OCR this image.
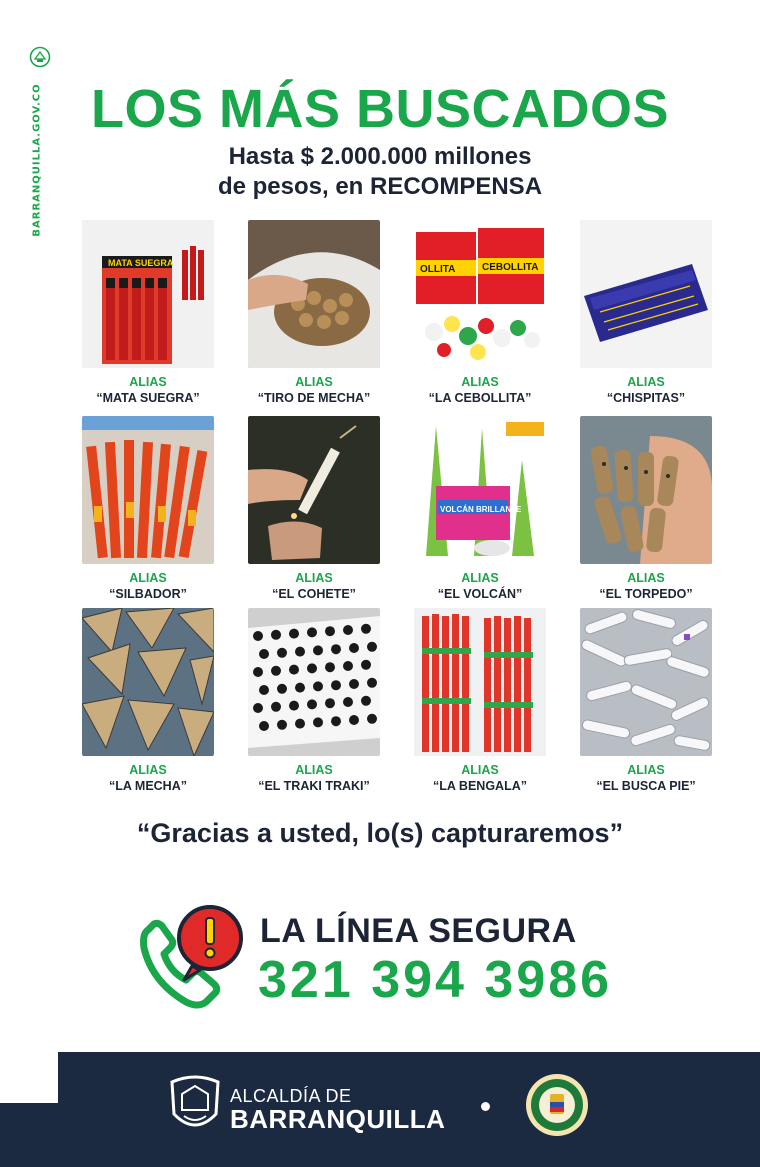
BARRANQUILLA.GOV.CO LOS MÁS BUSCADOS
Hasta $ 2.000.000 millones
de pesos, en RECOMPENSA
MATA SUEGRA
ALIAS
“MATA SUEGRA”
ALIAS
“TIRO DE MECHA”
OLLITA	CEBOLLITA
ALIAS
“LA CEBOLLITA”
ALIAS
“CHISPITAS”
ALIAS
“SILBADOR”
ALIAS
“EL COHETE”
VOLCÁN BRILLANTE
ALIAS
“EL VOLCÁN”
ALIAS
“EL TORPEDO”
ALIAS
“LA MECHA”
ALIAS
“EL TRAKI TRAKI”
ALIAS
“LA BENGALA”
ALIAS
“EL BUSCA PIE”
“Gracias a usted, lo(s) capturaremos”
LA LÍNEA SEGURA
321 394 3986
ALCALDÍA DE
BARRANQUILLA
